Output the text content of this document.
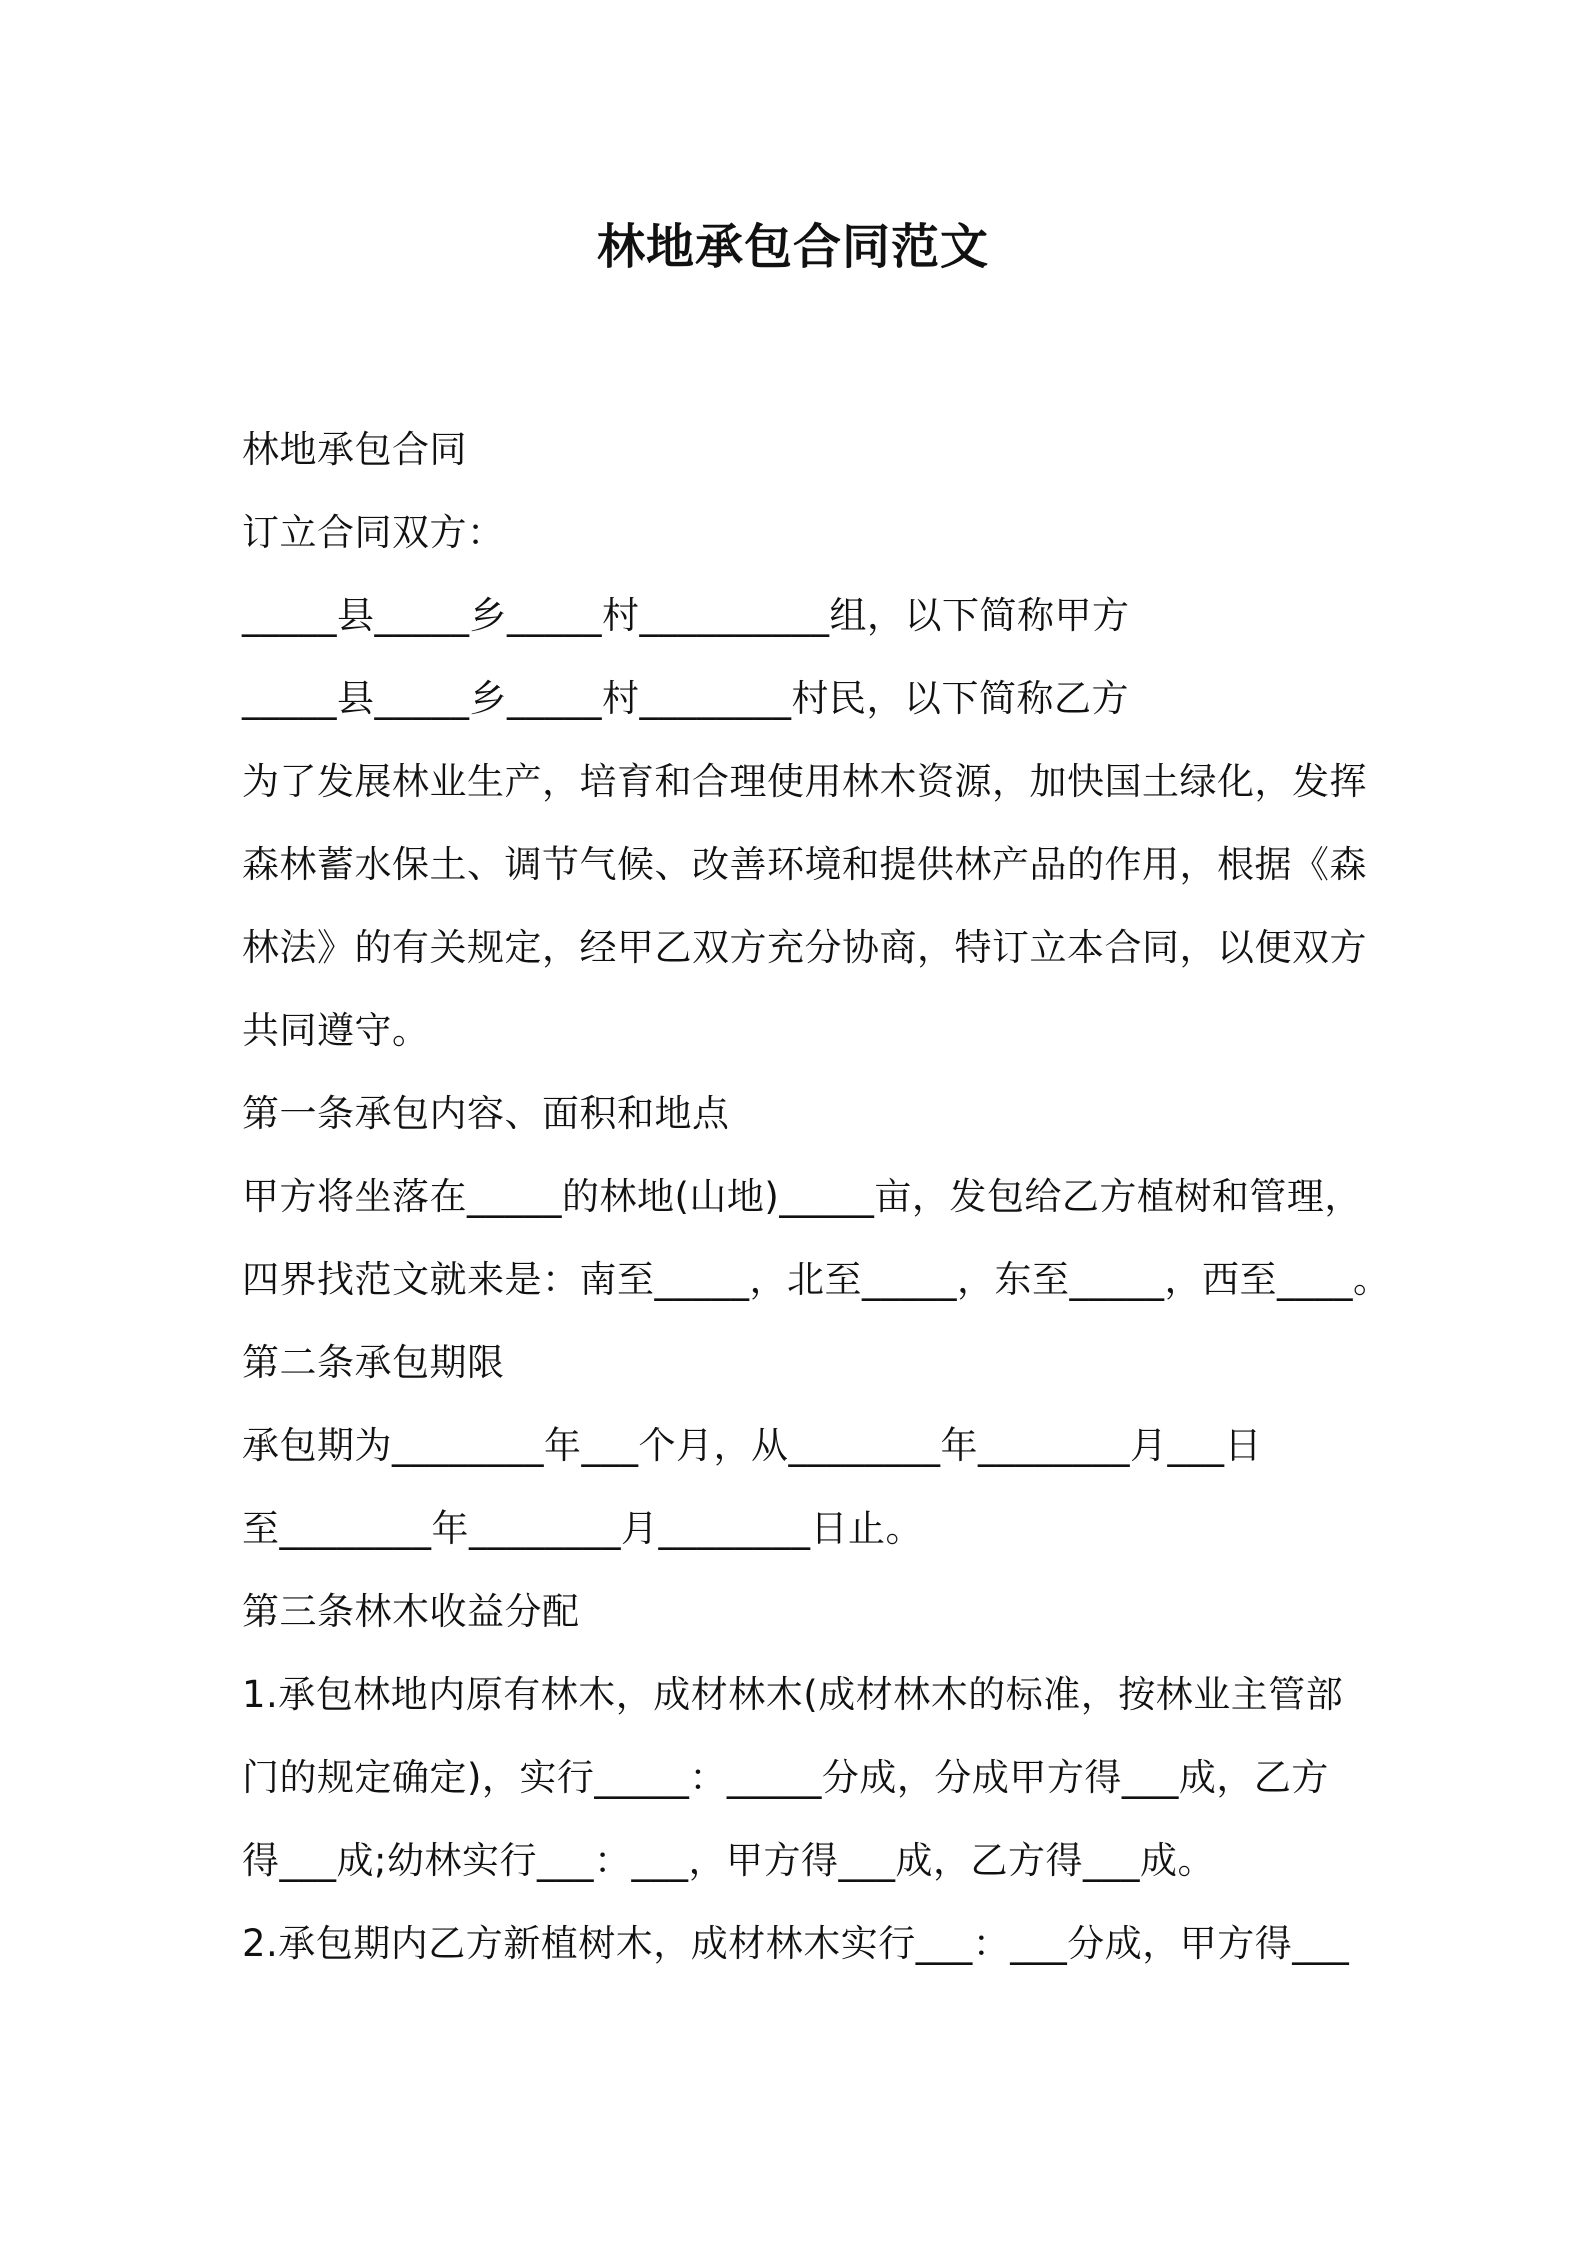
林地承包合同范文

林地承包合同

订立合同双方：

_____县_____乡_____村__________组，以下简称甲方

_____县_____乡_____村________村民，以下简称乙方

为了发展林业生产，培育和合理使用林木资源，加快国土绿化，发挥

森林蓄水保土、调节气候、改善环境和提供林产品的作用，根据《森

林法》的有关规定，经甲乙双方充分协商，特订立本合同，以便双方

共同遵守。

第一条承包内容、面积和地点

甲方将坐落在_____的林地(山地)_____亩，发包给乙方植树和管理，

四界找范文就来是：南至_____，北至_____，东至_____，西至____。

第二条承包期限

承包期为________年___个月，从________年________月___日

至________年________月________日止。

第三条林木收益分配

1.承包林地内原有林木，成材林木(成材林木的标准，按林业主管部

门的规定确定)，实行_____：_____分成，分成甲方得___成，乙方

得___成;幼林实行___：___，甲方得___成，乙方得___成。

2.承包期内乙方新植树木，成材林木实行___：___分成，甲方得___
